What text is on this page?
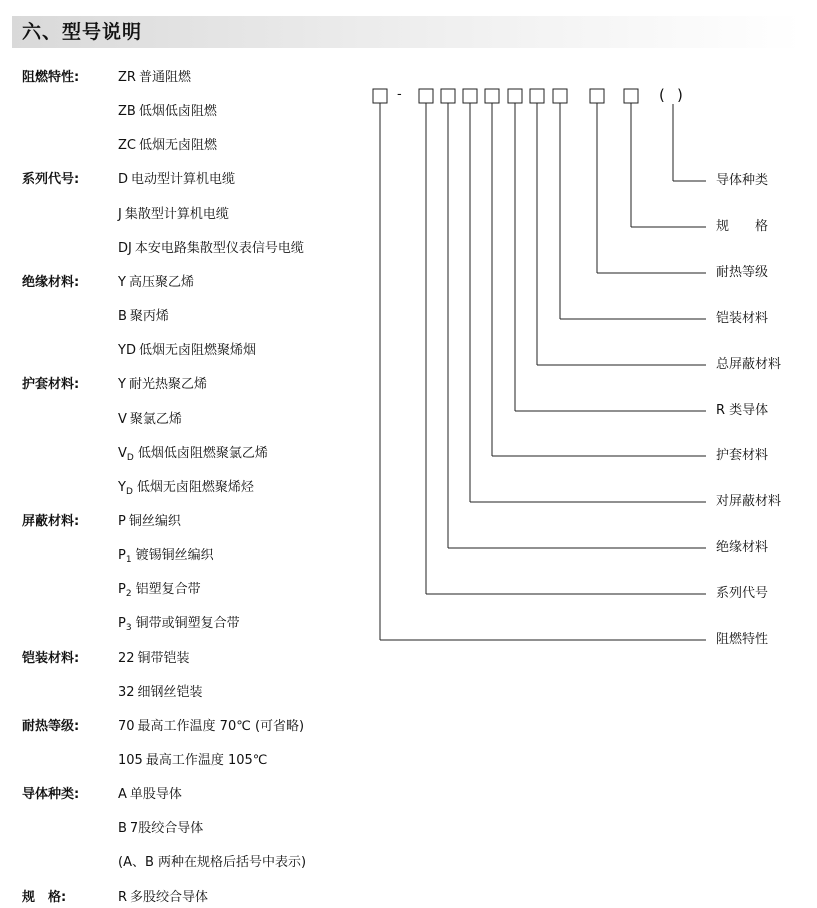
六、型号说明
阻燃特性:	ZR 普通阻燃
ZB 低烟低卤阻燃
ZC 低烟无卤阻燃
系列代号:	D 电动型计算机电缆
J 集散型计算机电缆
DJ 本安电路集散型仪表信号电缆
绝缘材料:	Y 高压聚乙烯
B 聚丙烯
YD 低烟无卤阻燃聚烯烟
护套材料:	Y 耐光热聚乙烯
V 聚氯乙烯
$V_D$ 低烟低卤阻燃聚氯乙烯
$Y_D$ 低烟无卤阻燃聚烯烃
屏蔽材料:	P 铜丝编织
$P_1$ 镀锡铜丝编织
$P_2$ 铝塑复合带
$P_3$ 铜带或铜塑复合带
铠装材料:	22 铜带铠装
32 细钢丝铠装
耐热等级:	70 最高工作温度 70℃ (可省略)
105 最高工作温度 105℃
导体种类:	A 单股导体
B 7股绞合导体
(A、B 两种在规格后括号中表示)
规　格:	R 多股绞合导体
-	( )
导体种类
规　　格
耐热等级
铠装材料
总屏蔽材料
R 类导体
护套材料
对屏蔽材料
绝缘材料
系列代号
阻燃特性
